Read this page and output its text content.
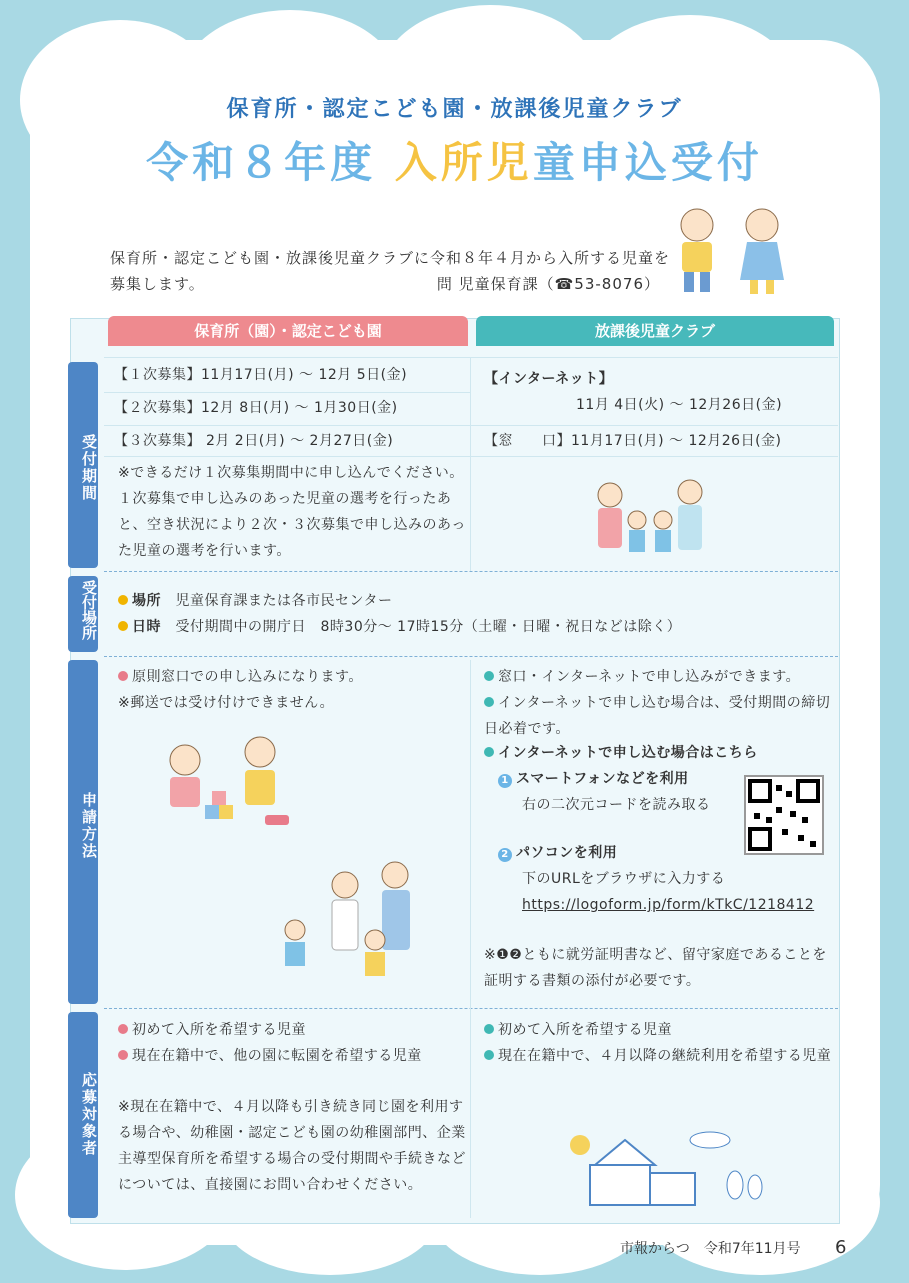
保育所・認定こども園・放課後児童クラブ
令和８年度 入所児童申込受付
保育所・認定こども園・放課後児童クラブに令和８年４月から入所する児童を募集します。	問 児童保育課（☎53-8076）
保育所（園）・認定こども園	放課後児童クラブ
受付期間
受付場所
申請方法
応募対象者
【１次募集】11月17日(月) ～ 12月 5日(金)
【２次募集】12月 8日(月) ～ 1月30日(金)
【３次募集】 2月 2日(月) ～ 2月27日(金)
※できるだけ１次募集期間中に申し込んでください。１次募集で申し込みのあった児童の選考を行ったあと、空き状況により２次・３次募集で申し込みのあった児童の選考を行います。
【インターネット】
11月 4日(火) ～ 12月26日(金)
【窓　　口】11月17日(月) ～ 12月26日(金)
場所　 児童保育課または各市民センター
日時　 受付期間中の開庁日　8時30分～ 17時15分（土曜・日曜・祝日などは除く）
原則窓口での申し込みになります。
※郵送では受け付けできません。
窓口・インターネットで申し込みができます。
インターネットで申し込む場合は、受付期間の締切日必着です。
インターネットで申し込む場合はこちら
1 スマートフォンなどを利用
右の二次元コードを読み取る
2 パソコンを利用
下のURLをブラウザに入力する
https://logoform.jp/form/kTkC/1218412
※❶❷ともに就労証明書など、留守家庭であることを証明する書類の添付が必要です。
初めて入所を希望する児童
現在在籍中で、他の園に転園を希望する児童
※現在在籍中で、４月以降も引き続き同じ園を利用する場合や、幼稚園・認定こども園の幼稚園部門、企業主導型保育所を希望する場合の受付期間や手続きなどについては、直接園にお問い合わせください。
初めて入所を希望する児童
現在在籍中で、４月以降の継続利用を希望する児童
市報からつ　令和7年11月号 6
